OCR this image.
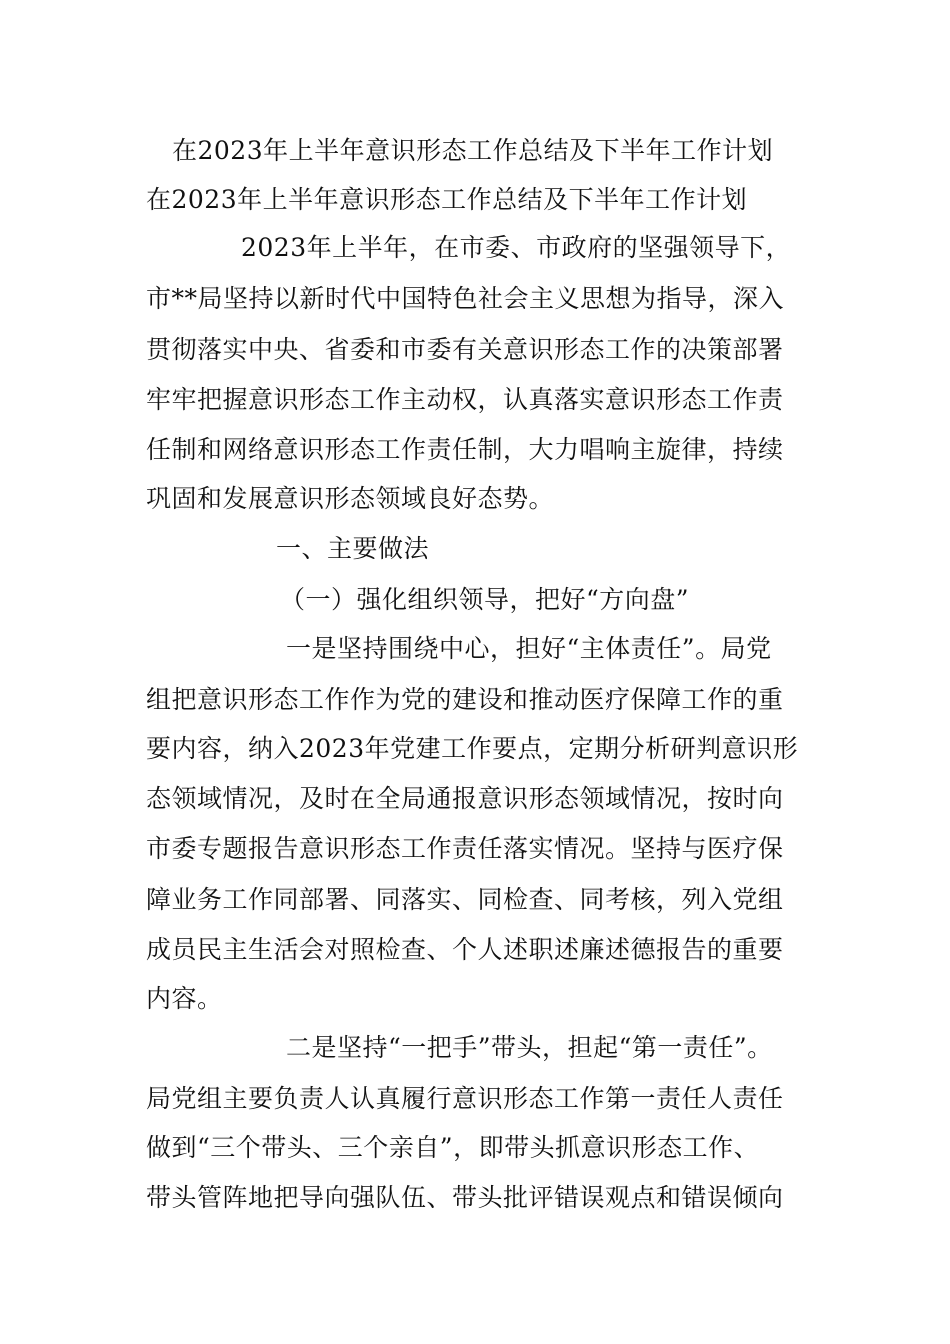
在2023年上半年意识形态工作总结及下半年工作计划
在2023年上半年意识形态工作总结及下半年工作计划
2023年上半年，在市委、市政府的坚强领导下，
市**局坚持以新时代中国特色社会主义思想为指导，深入
贯彻落实中央、省委和市委有关意识形态工作的决策部署
牢牢把握意识形态工作主动权，认真落实意识形态工作责
任制和网络意识形态工作责任制，大力唱响主旋律，持续
巩固和发展意识形态领域良好态势。
一、主要做法
（一）强化组织领导，把好“方向盘”
一是坚持围绕中心，担好“主体责任”。局党
组把意识形态工作作为党的建设和推动医疗保障工作的重
要内容，纳入2023年党建工作要点，定期分析研判意识形
态领域情况，及时在全局通报意识形态领域情况，按时向
市委专题报告意识形态工作责任落实情况。坚持与医疗保
障业务工作同部署、同落实、同检查、同考核，列入党组
成员民主生活会对照检查、个人述职述廉述德报告的重要
内容。
二是坚持“一把手”带头，担起“第一责任”。
局党组主要负责人认真履行意识形态工作第一责任人责任
做到“三个带头、三个亲自”，即带头抓意识形态工作、
带头管阵地把导向强队伍、带头批评错误观点和错误倾向
